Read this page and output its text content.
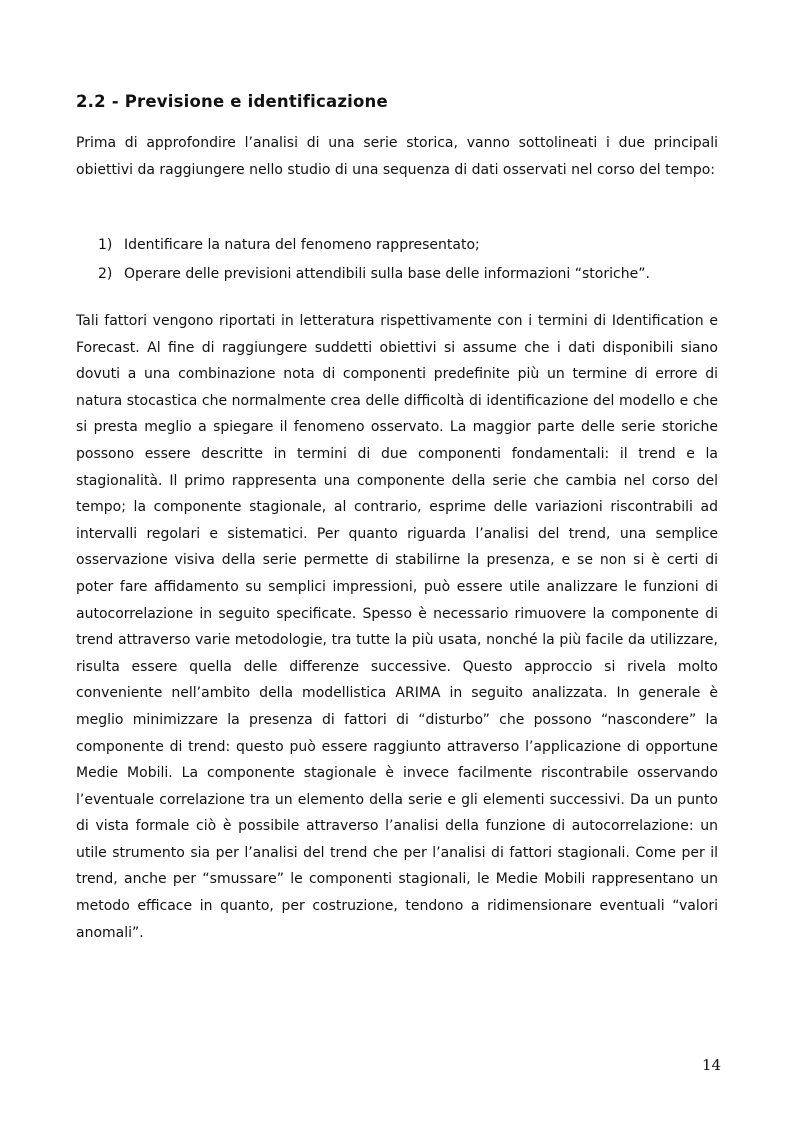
2.2 - Previsione e identificazione

Prima di approfondire l’analisi di una serie storica, vanno sottolineati i due principali obiettivi da raggiungere nello studio di una sequenza di dati osservati nel corso del tempo:

1) Identificare la natura del fenomeno rappresentato;
2) Operare delle previsioni attendibili sulla base delle informazioni “storiche”.

Tali fattori vengono riportati in letteratura rispettivamente con i termini di Identification e Forecast. Al fine di raggiungere suddetti obiettivi si assume che i dati disponibili siano dovuti a una combinazione nota di componenti predefinite più un termine di errore di natura stocastica che normalmente crea delle difficoltà di identificazione del modello e che si presta meglio a spiegare il fenomeno osservato. La maggior parte delle serie storiche possono essere descritte in termini di due componenti fondamentali: il trend e la stagionalità. Il primo rappresenta una componente della serie che cambia nel corso del tempo; la componente stagionale, al contrario, esprime delle variazioni riscontrabili ad intervalli regolari e sistematici. Per quanto riguarda l’analisi del trend, una semplice osservazione visiva della serie permette di stabilirne la presenza, e se non si è certi di poter fare affidamento su semplici impressioni, può essere utile analizzare le funzioni di autocorrelazione in seguito specificate. Spesso è necessario rimuovere la componente di trend attraverso varie metodologie, tra tutte la più usata, nonché la più facile da utilizzare, risulta essere quella delle differenze successive. Questo approccio si rivela molto conveniente nell’ambito della modellistica ARIMA in seguito analizzata. In generale è meglio minimizzare la presenza di fattori di “disturbo” che possono “nascondere” la componente di trend: questo può essere raggiunto attraverso l’applicazione di opportune Medie Mobili. La componente stagionale è invece facilmente riscontrabile osservando l’eventuale correlazione tra un elemento della serie e gli elementi successivi. Da un punto di vista formale ciò è possibile attraverso l’analisi della funzione di autocorrelazione: un utile strumento sia per l’analisi del trend che per l’analisi di fattori stagionali. Come per il trend, anche per “smussare” le componenti stagionali, le Medie Mobili rappresentano un metodo efficace in quanto, per costruzione, tendono a ridimensionare eventuali “valori anomali”.

14
